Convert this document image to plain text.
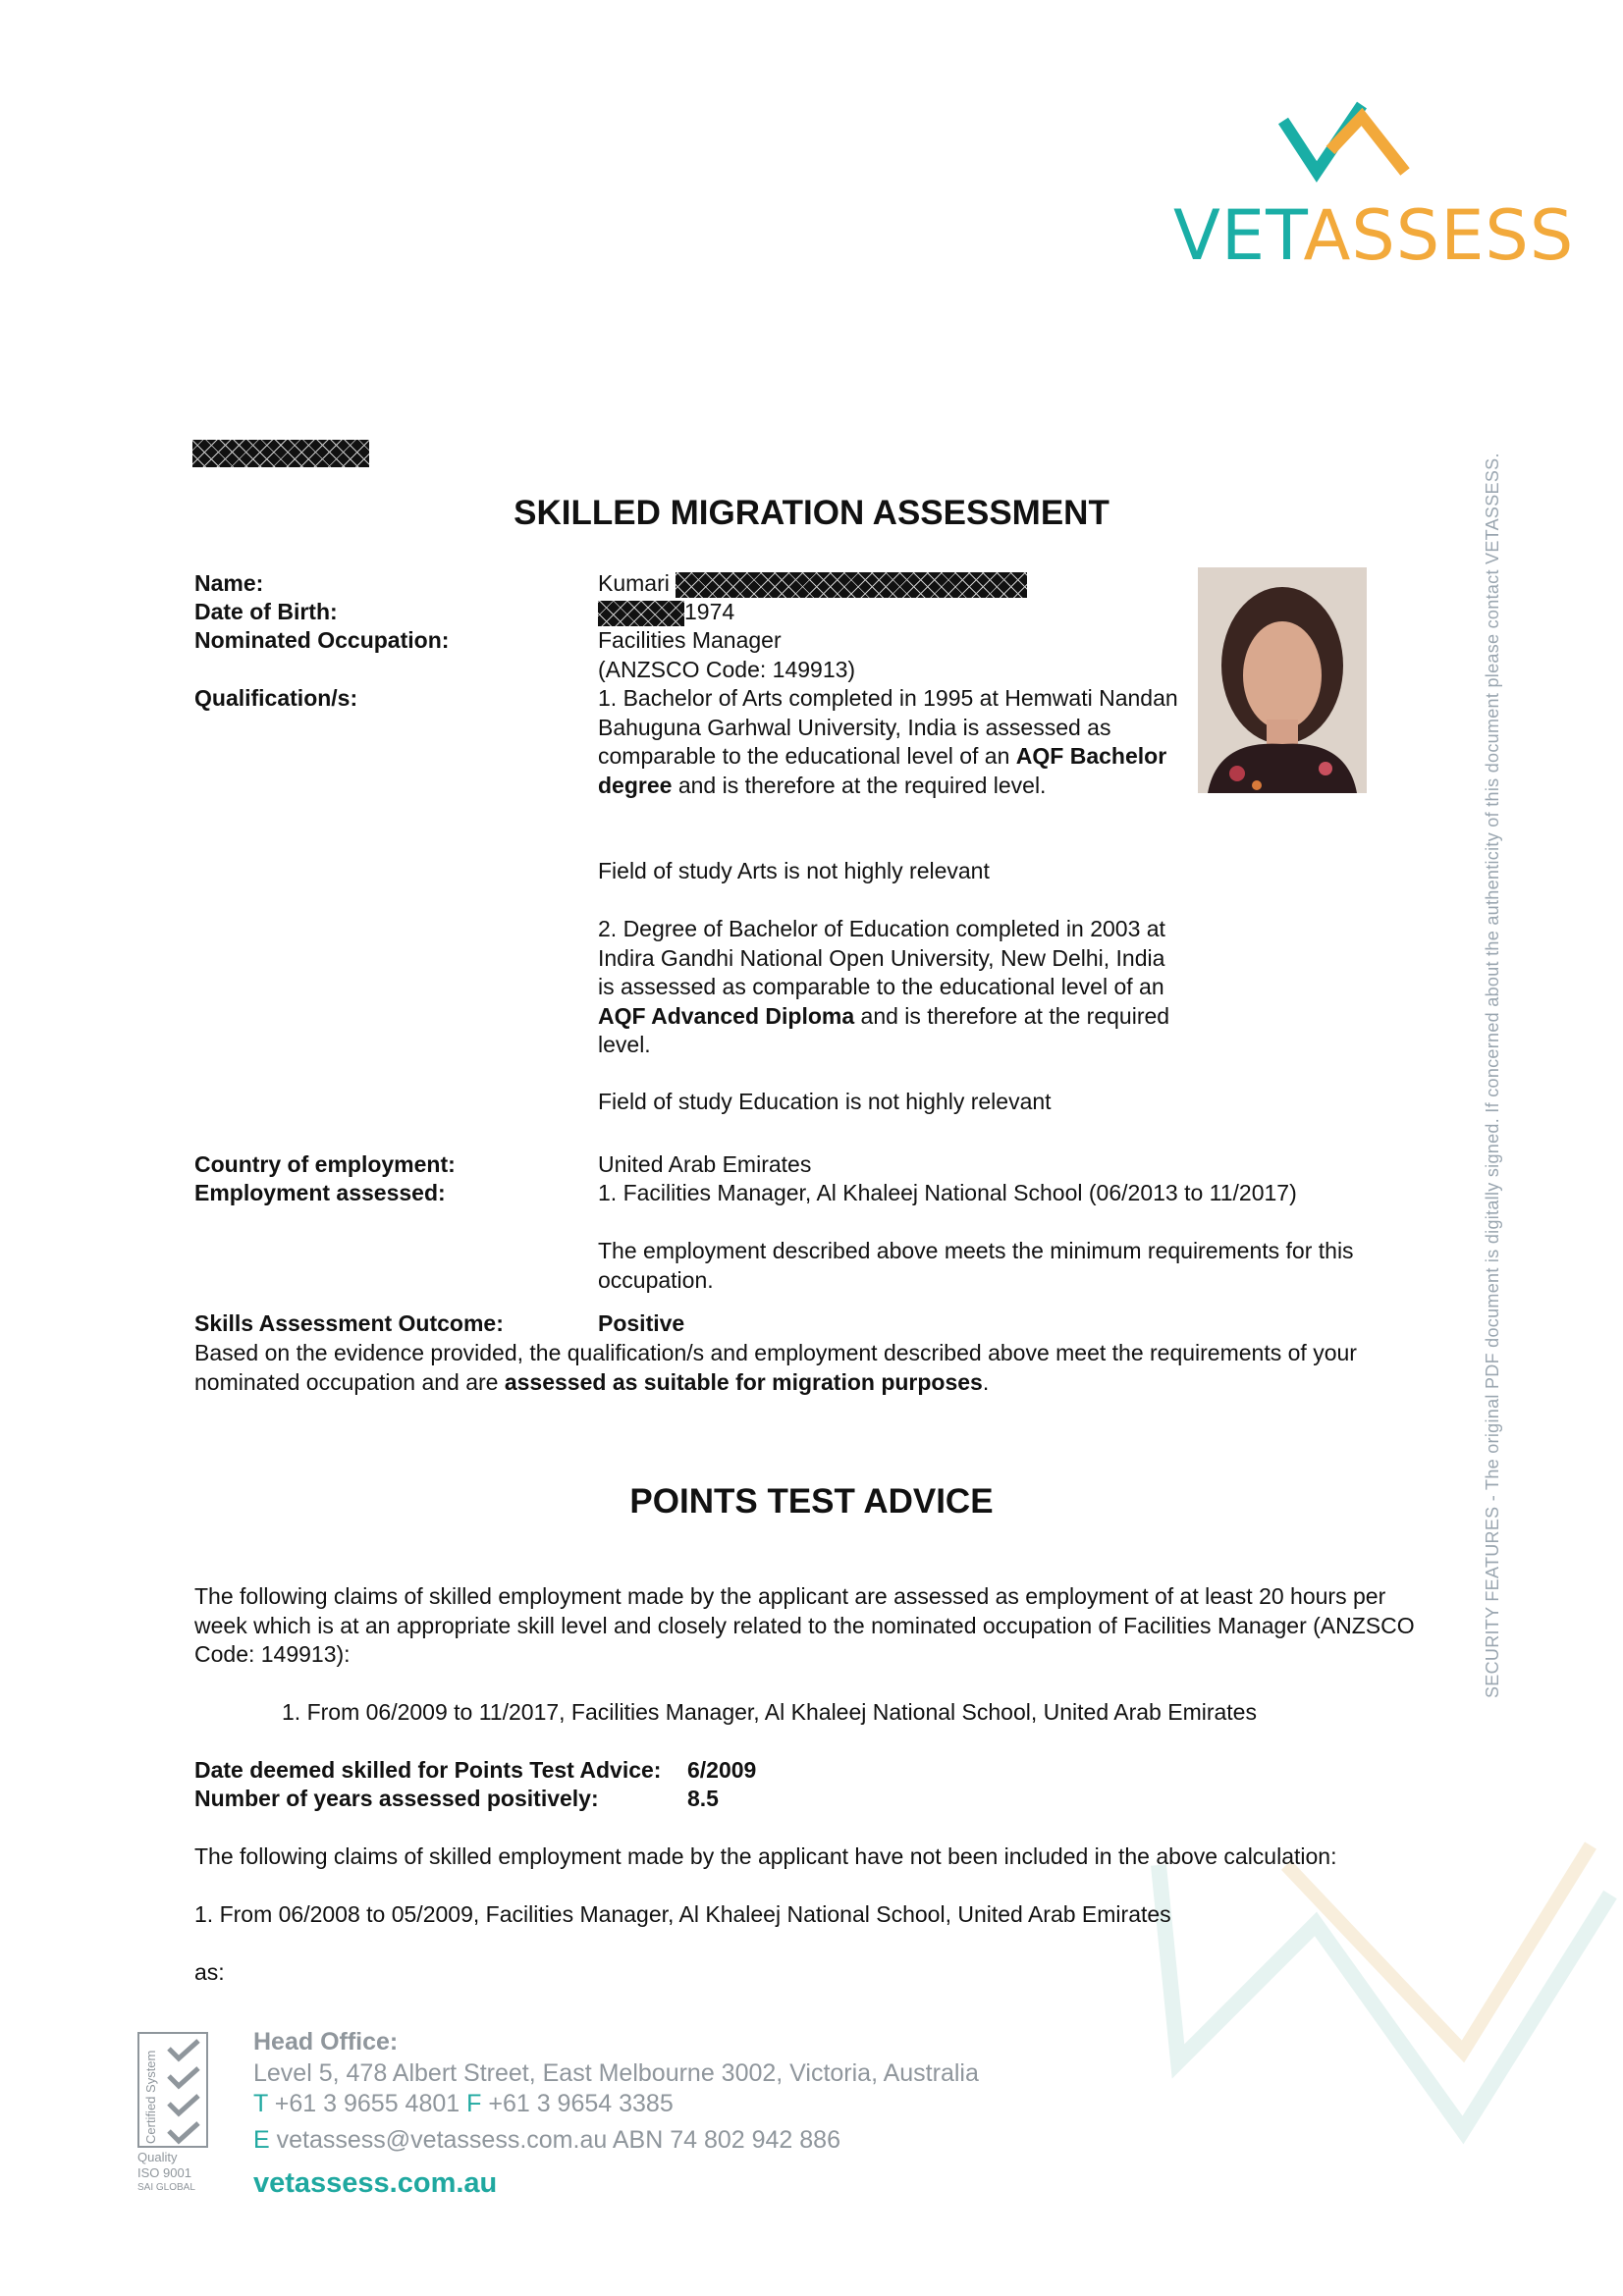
VETASSESS
SECURITY FEATURES - The original PDF document is digitally signed. If concerned about the authenticity of this document please contact VETASSESS.
SKILLED MIGRATION ASSESSMENT
Name:	Kumari
Date of Birth:	1974
Nominated Occupation:	Facilities Manager
(ANZSCO Code: 149913)
Qualification/s:	1. Bachelor of Arts completed in 1995 at Hemwati Nandan Bahuguna Garhwal University, India is assessed as comparable to the educational level of an AQF Bachelor degree and is therefore at the required level.
Field of study Arts is not highly relevant
2. Degree of Bachelor of Education completed in 2003 at Indira Gandhi National Open University, New Delhi, India is assessed as comparable to the educational level of an AQF Advanced Diploma and is therefore at the required level.
Field of study Education is not highly relevant
Country of employment:	United Arab Emirates
Employment assessed:	1. Facilities Manager, Al Khaleej National School (06/2013 to 11/2017)
The employment described above meets the minimum requirements for this occupation.
Skills Assessment Outcome:	Positive
Based on the evidence provided, the qualification/s and employment described above meet the requirements of your nominated occupation and are assessed as suitable for migration purposes.
POINTS TEST ADVICE
The following claims of skilled employment made by the applicant are assessed as employment of at least 20 hours per week which is at an appropriate skill level and closely related to the nominated occupation of Facilities Manager (ANZSCO Code: 149913):
1. From 06/2009 to 11/2017, Facilities Manager, Al Khaleej National School, United Arab Emirates
Date deemed skilled for Points Test Advice: 6/2009
Number of years assessed positively:	8.5
The following claims of skilled employment made by the applicant have not been included in the above calculation:
1. From 06/2008 to 05/2009, Facilities Manager, Al Khaleej National School, United Arab Emirates
as:
Certified System
Quality
ISO 9001
SAI GLOBAL
Head Office:
Level 5, 478 Albert Street, East Melbourne 3002, Victoria, Australia
T +61 3 9655 4801 F +61 3 9654 3385
E vetassess@vetassess.com.au ABN 74 802 942 886
vetassess.com.au
